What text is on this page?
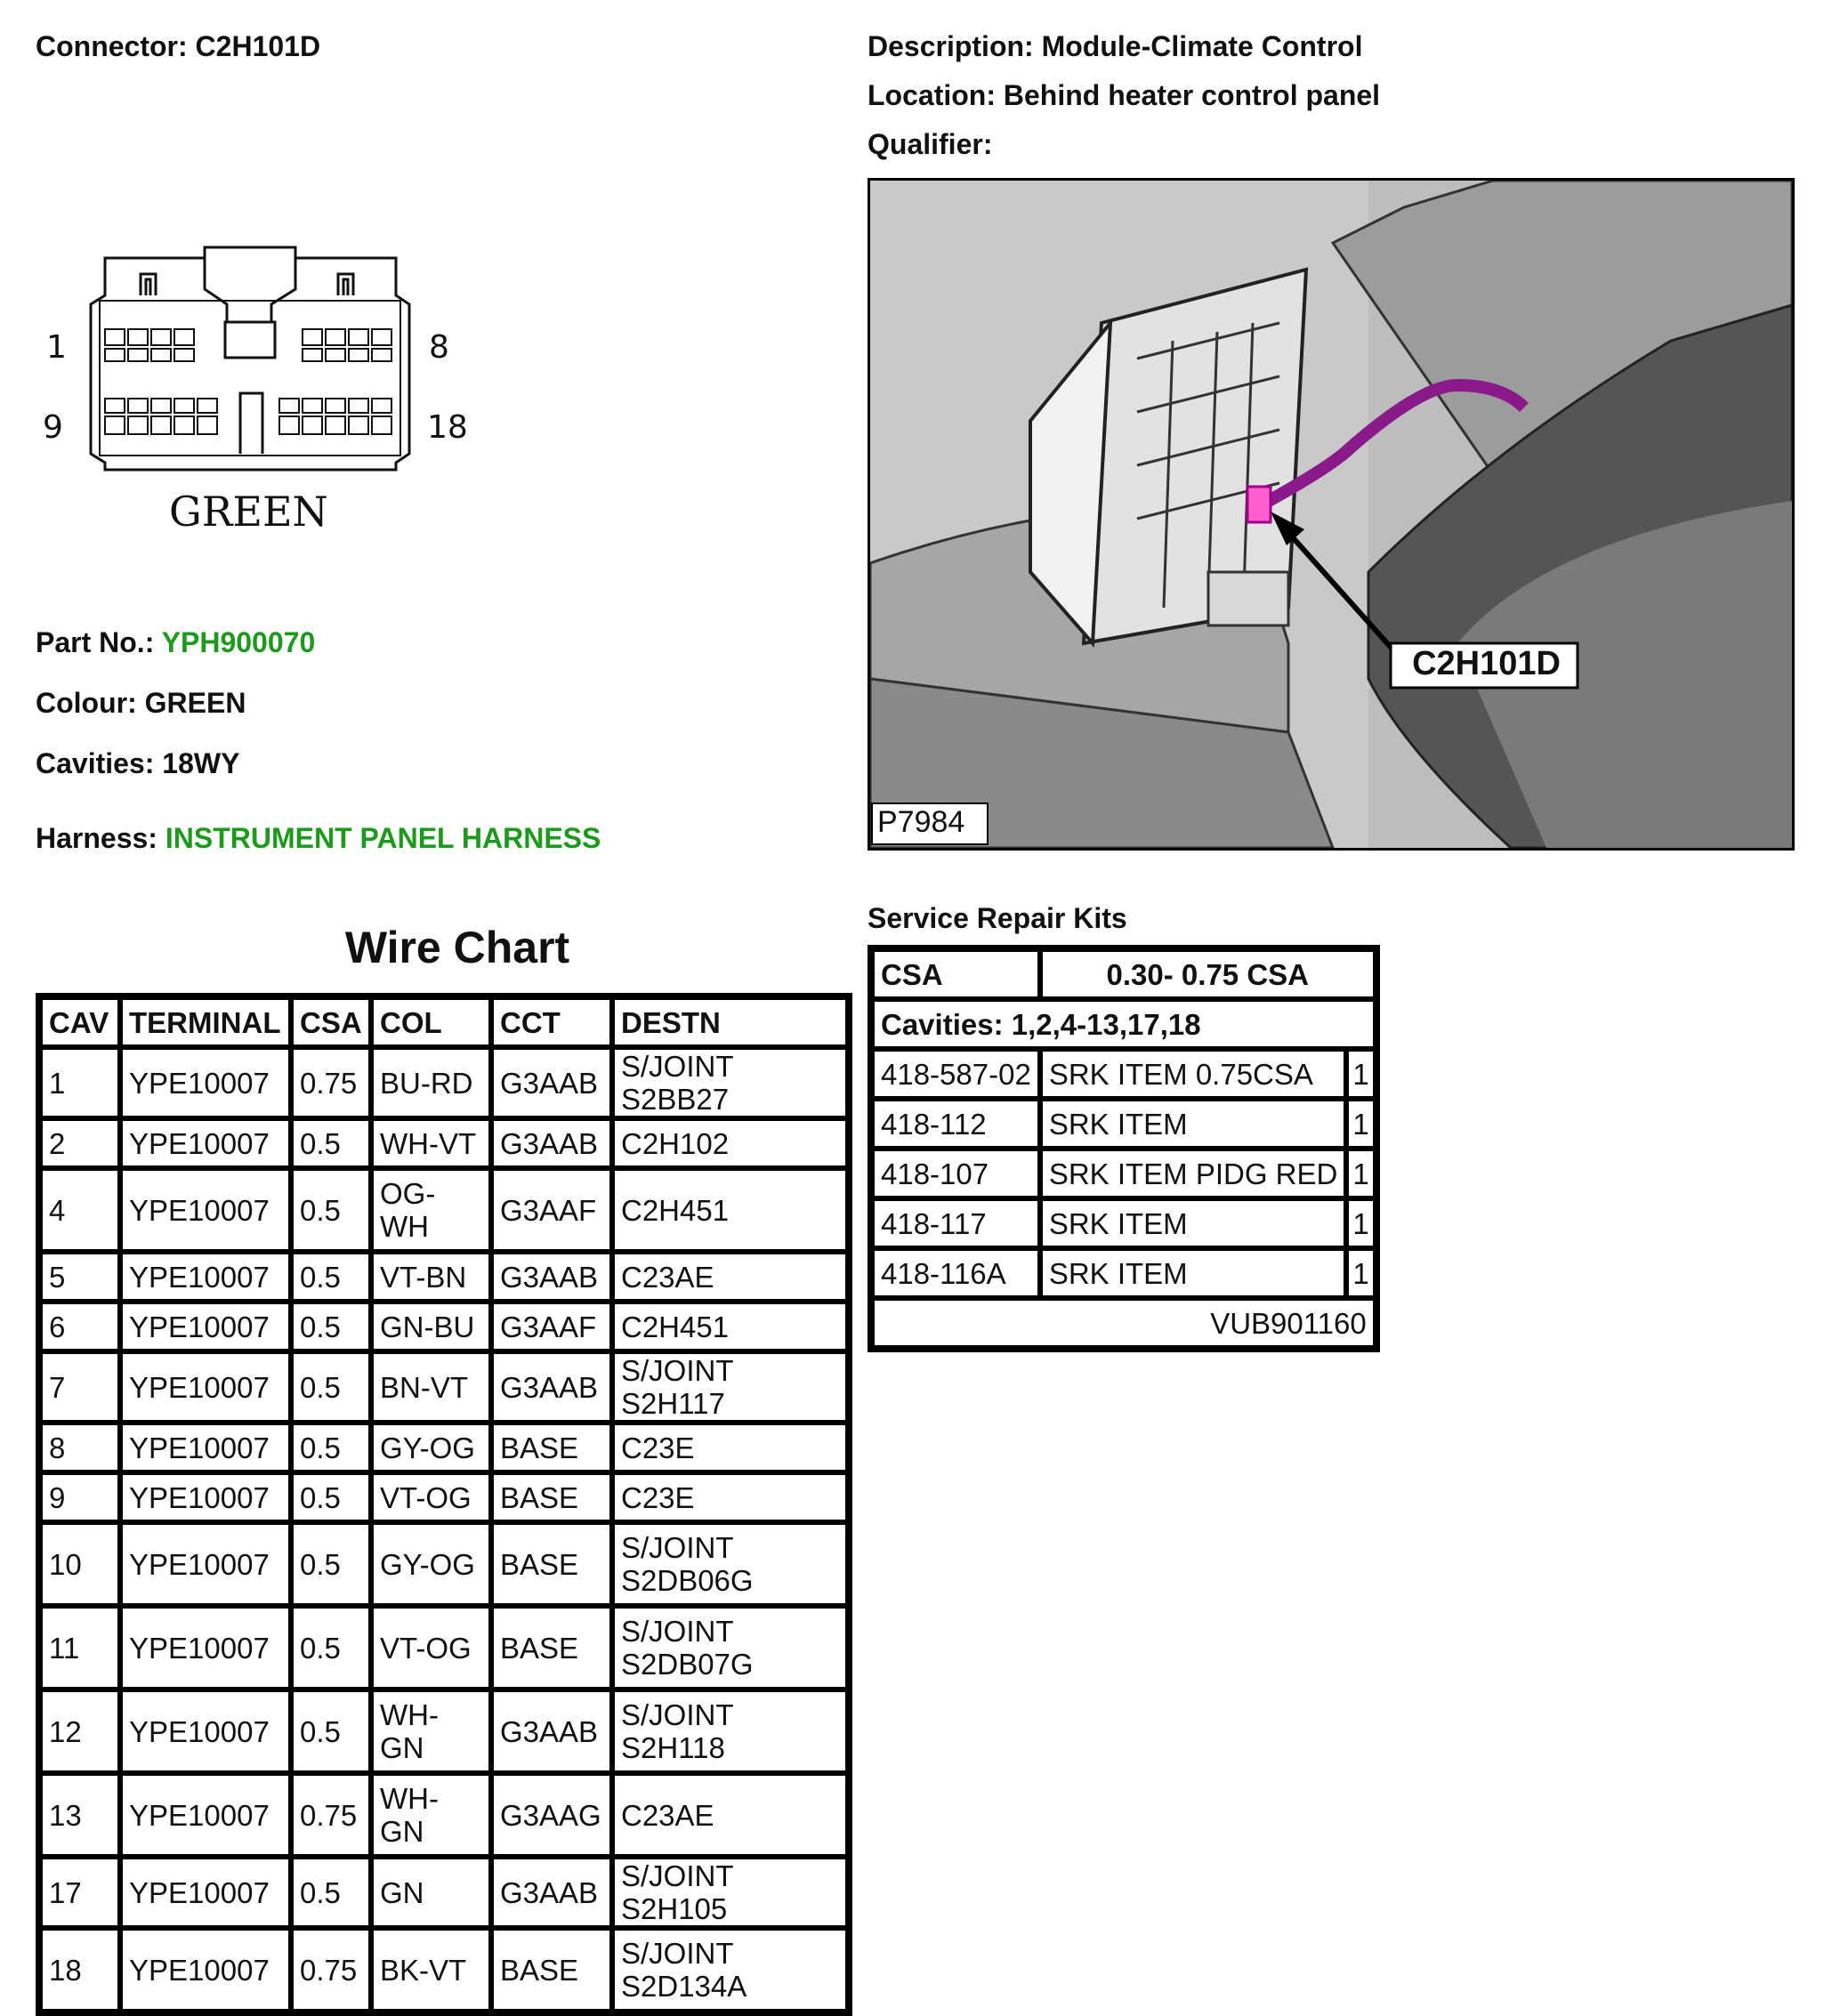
Connector: C2H101D	Description: Module-Climate Control
Location: Behind heater control panel
Qualifier:
1	8
9	18
GREEN
Part No.: YPH900070
Colour: GREEN
Cavities: 18WY
Harness: INSTRUMENT PANEL HARNESS
C2H101D
P7984
Wire Chart
CAV	TERMINAL	CSA	COL	CCT	DESTN
1	YPE10007	0.75	BU-RD	G3AAB	S/JOINT S2BB27
2	YPE10007	0.5	WH-VT	G3AAB	C2H102
4	YPE10007	0.5	OG-WH	G3AAF	C2H451
5	YPE10007	0.5	VT-BN	G3AAB	C23AE
6	YPE10007	0.5	GN-BU	G3AAF	C2H451
7	YPE10007	0.5	BN-VT	G3AAB	S/JOINT S2H117
8	YPE10007	0.5	GY-OG	BASE	C23E
9	YPE10007	0.5	VT-OG	BASE	C23E
10	YPE10007	0.5	GY-OG	BASE	S/JOINT S2DB06G
11	YPE10007	0.5	VT-OG	BASE	S/JOINT S2DB07G
12	YPE10007	0.5	WH-GN	G3AAB	S/JOINT S2H118
13	YPE10007	0.75	WH-GN	G3AAG	C23AE
17	YPE10007	0.5	GN	G3AAB	S/JOINT S2H105
18	YPE10007	0.75	BK-VT	BASE	S/JOINT S2D134A
Service Repair Kits
CSA	0.30- 0.75 CSA	
Cavities: 1,2,4-13,17,18		
418-587-02	SRK ITEM 0.75CSA	1
418-112	SRK ITEM	1
418-107	SRK ITEM PIDG RED	1
418-117	SRK ITEM	1
418-116A	SRK ITEM	1
VUB901160		
